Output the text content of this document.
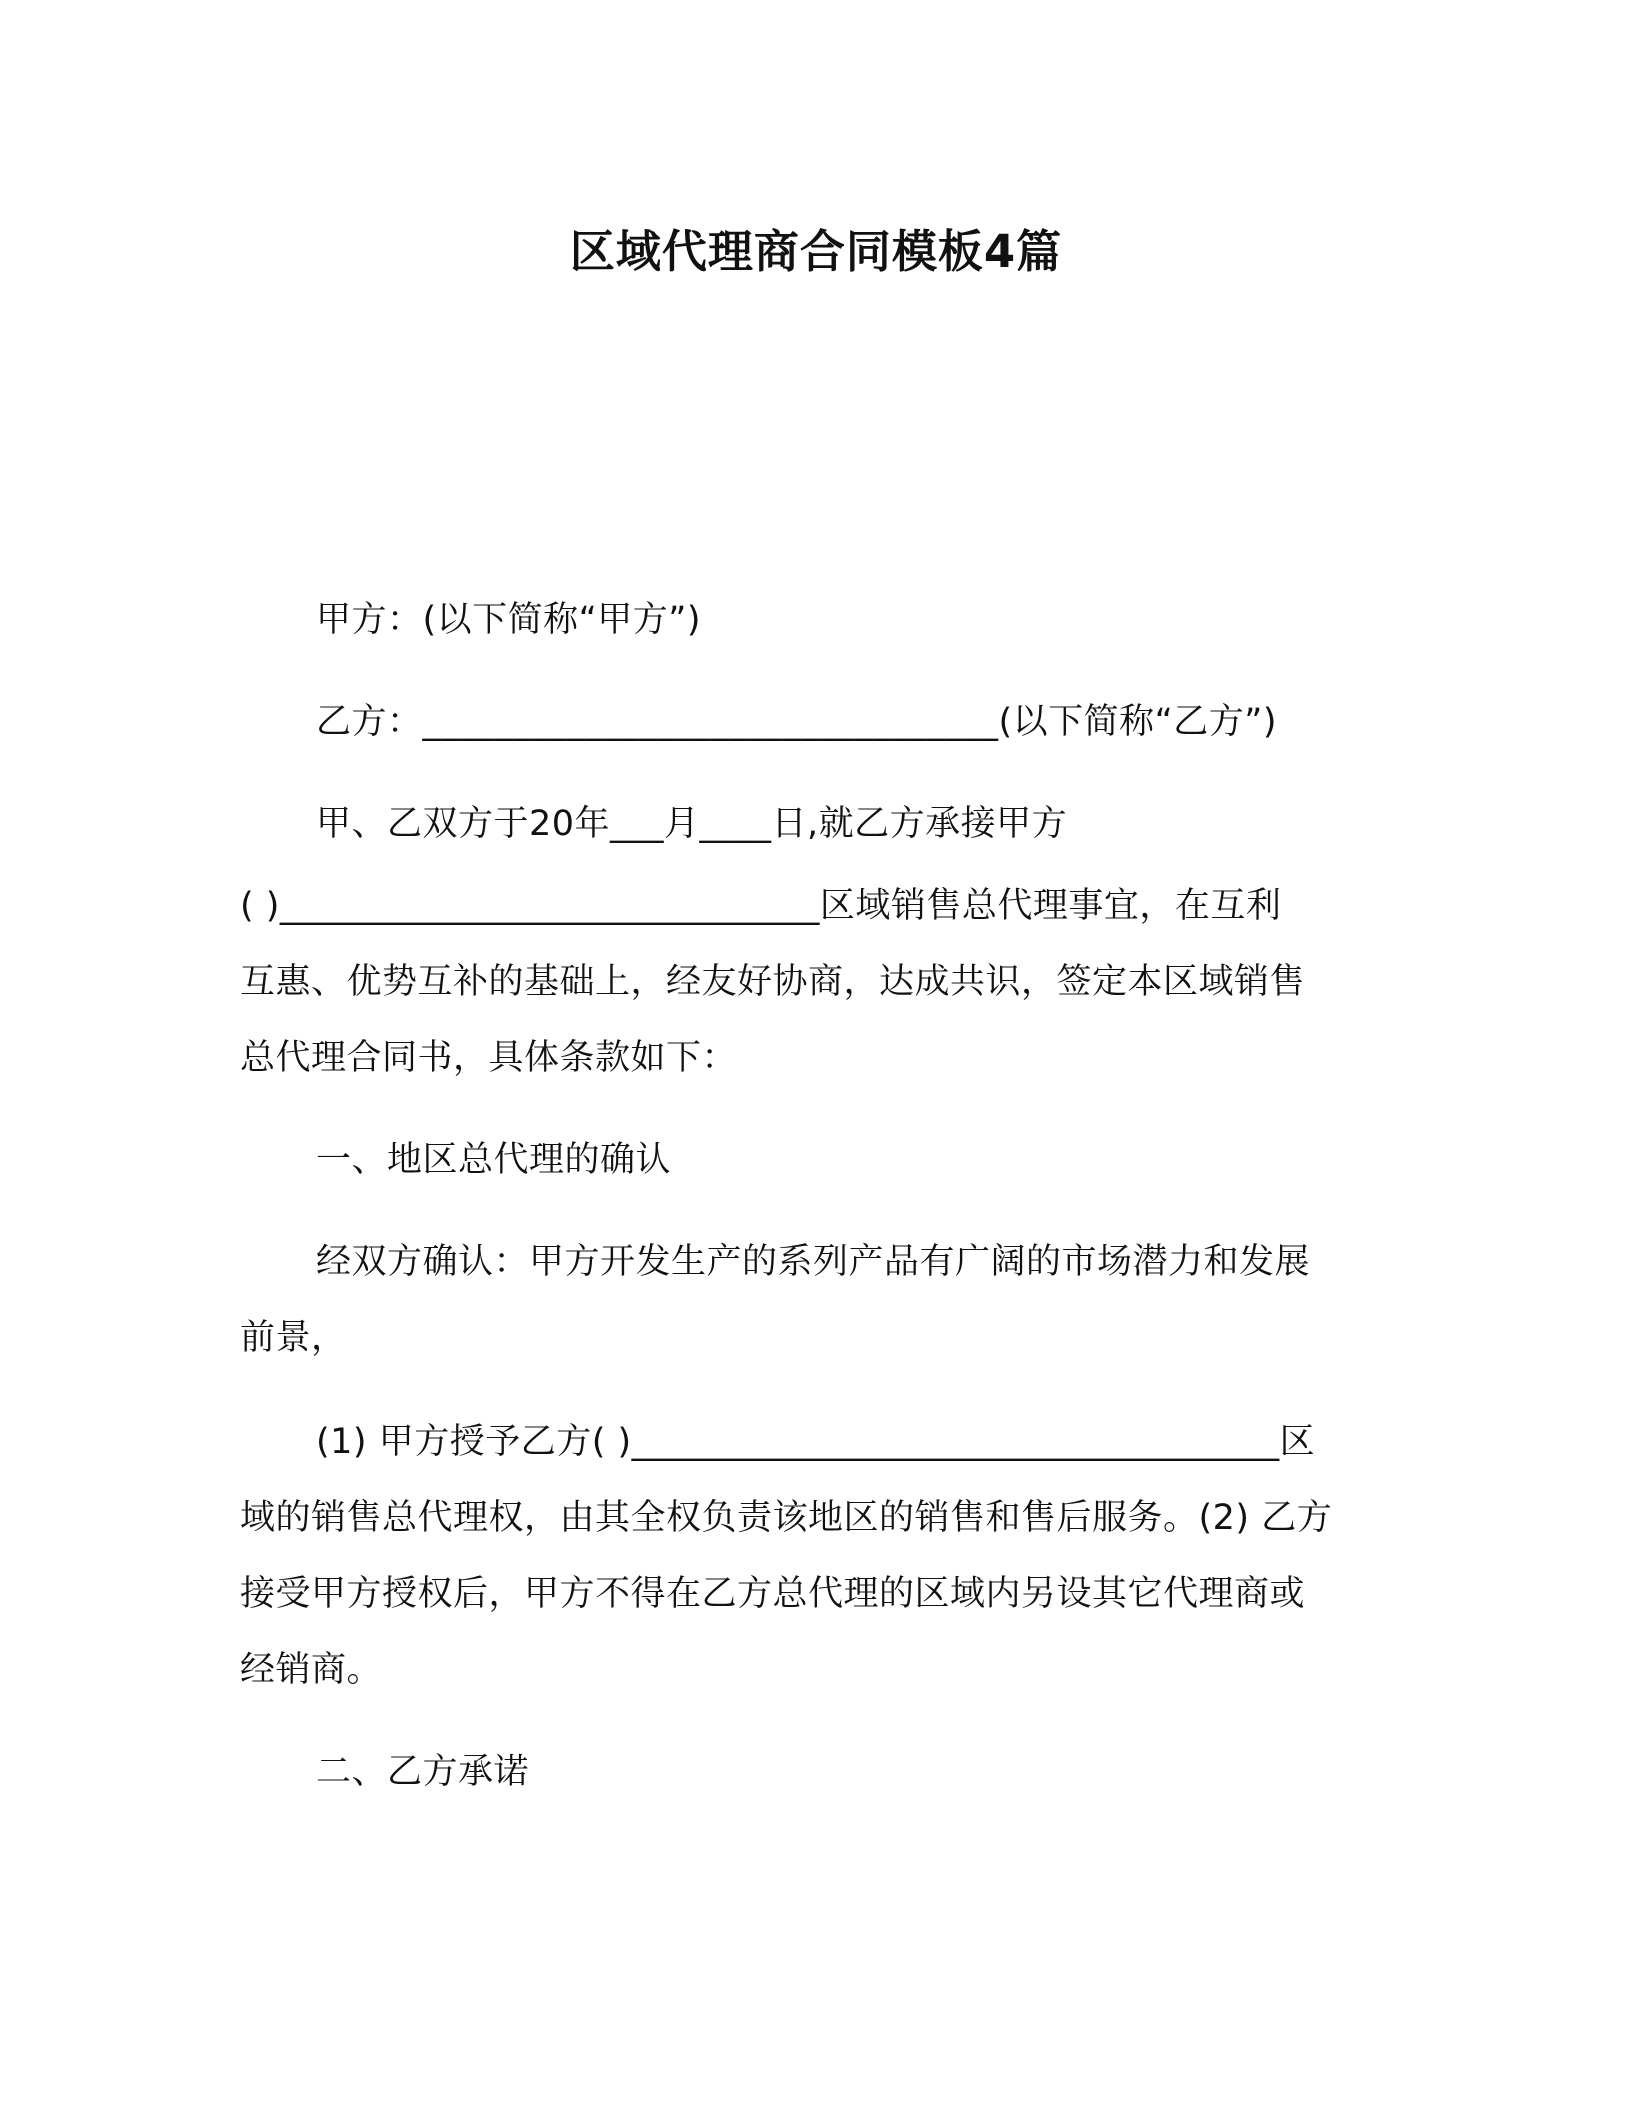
区域代理商合同模板4篇
甲方：(以下简称“甲方”)
乙方：________________________________(以下简称“乙方”)
甲、乙双方于20年___月____日,就乙方承接甲方
( )______________________________区域销售总代理事宜，在互利
互惠、优势互补的基础上，经友好协商，达成共识，签定本区域销售
总代理合同书，具体条款如下：
一、地区总代理的确认
经双方确认：甲方开发生产的系列产品有广阔的市场潜力和发展
前景，
(1) 甲方授予乙方( )____________________________________区
域的销售总代理权，由其全权负责该地区的销售和售后服务。(2) 乙方
接受甲方授权后，甲方不得在乙方总代理的区域内另设其它代理商或
经销商。
二、乙方承诺
